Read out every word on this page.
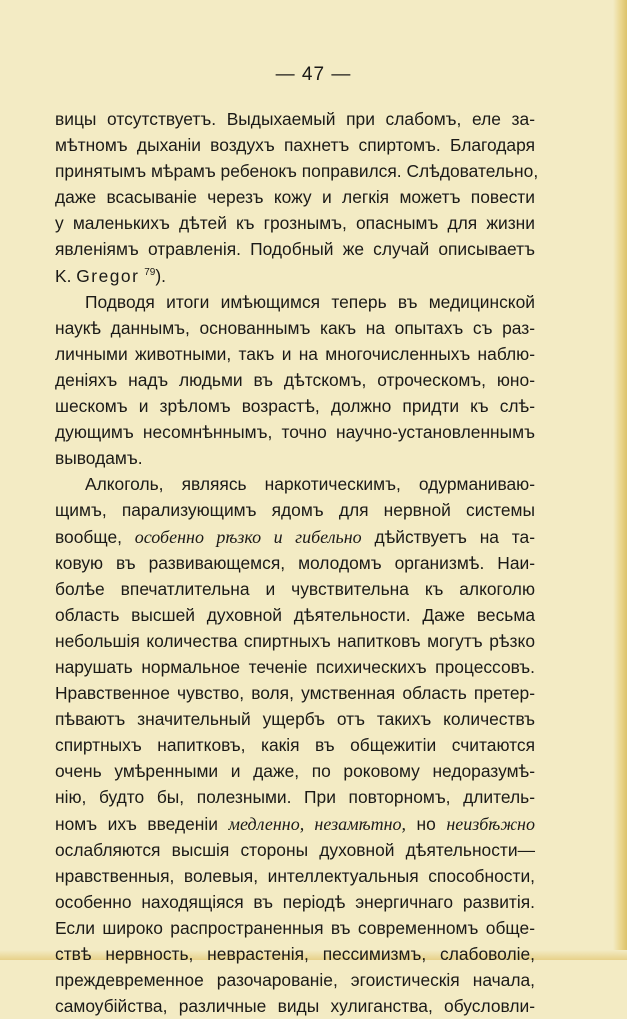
— 47 —
вицы отсутствуетъ. Выдыхаемый при слабомъ, еле за-
мѣтномъ дыханіи воздухъ пахнетъ спиртомъ. Благодаря
принятымъ мѣрамъ ребенокъ поправился. Слѣдовательно,
даже всасываніе черезъ кожу и легкія можетъ повести
у маленькихъ дѣтей къ грознымъ, опаснымъ для жизни
явленіямъ отравленія. Подобный же случай описываетъ
K. Gregor $^{79}$).
Подводя итоги имѣющимся теперь въ медицинской
наукѣ даннымъ, основаннымъ какъ на опытахъ съ раз-
личными животными, такъ и на многочисленныхъ наблю-
деніяхъ надъ людьми въ дѣтскомъ, отроческомъ, юно-
шескомъ и зрѣломъ возрастѣ, должно придти къ слѣ-
дующимъ несомнѣннымъ, точно научно-установленнымъ
выводамъ.
Алкоголь, являясь наркотическимъ, одурманиваю-
щимъ, парализующимъ ядомъ для нервной системы
вообще, особенно рѣзко и гибельно дѣйствуетъ на та-
ковую въ развивающемся, молодомъ организмѣ. Наи-
болѣе впечатлительна и чувствительна къ алкоголю
область высшей духовной дѣятельности. Даже весьма
небольшія количества спиртныхъ напитковъ могутъ рѣзко
нарушать нормальное теченіе психическихъ процессовъ.
Нравственное чувство, воля, умственная область претер-
пѣваютъ значительный ущербъ отъ такихъ количествъ
спиртныхъ напитковъ, какія въ общежитіи считаются
очень умѣренными и даже, по роковому недоразумѣ-
нію, будто бы, полезными. При повторномъ, длитель-
номъ ихъ введеніи медленно, незамѣтно, но неизбѣжно
ослабляются высшія стороны духовной дѣятельности—
нравственныя, волевыя, интеллектуальныя способности,
особенно находящіяся въ періодѣ энергичнаго развитія.
Если широко распространенныя въ современномъ обще-
ствѣ нервность, неврастенія, пессимизмъ, слабоволіе,
преждевременное разочарованіе, эгоистическія начала,
самоубійства, различные виды хулиганства, обусловли-
